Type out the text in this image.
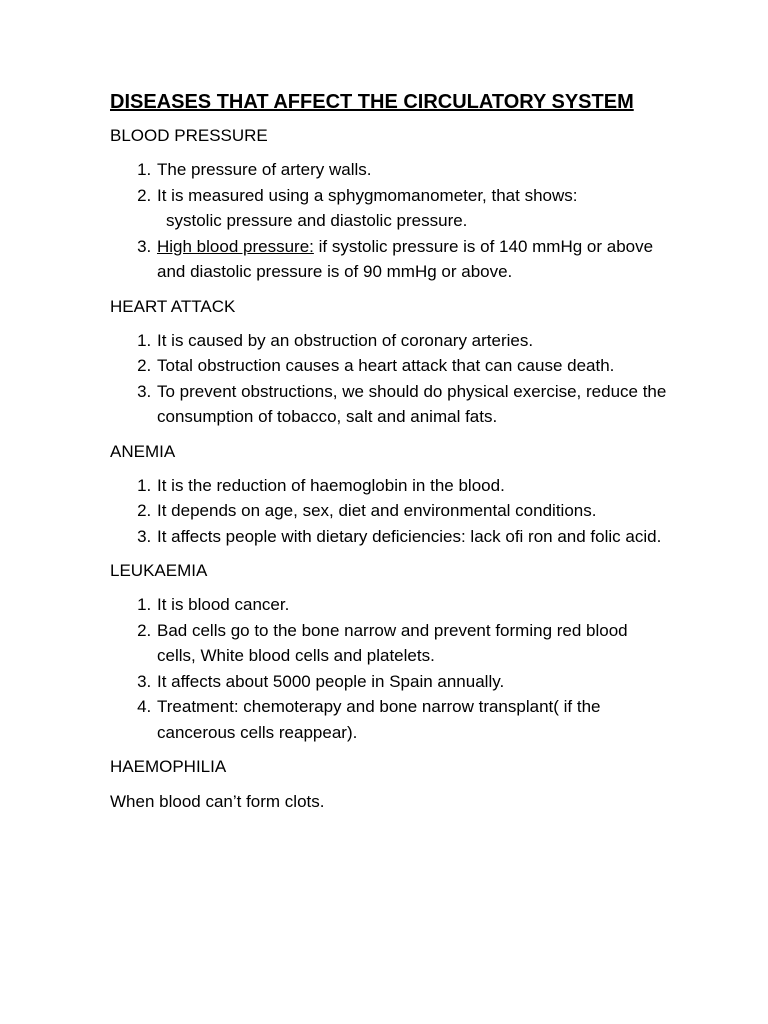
DISEASES THAT AFFECT THE CIRCULATORY SYSTEM

BLOOD PRESSURE

1. The pressure of artery walls.
2. It is measured using a sphygmomanometer, that shows:
systolic pressure and diastolic pressure.
3. High blood pressure: if systolic pressure is of 140 mmHg or above and diastolic pressure is of 90 mmHg or above.

HEART ATTACK

1. It is caused by an obstruction of coronary arteries.
2. Total obstruction causes a heart attack that can cause death.
3. To prevent obstructions, we should do physical exercise, reduce the consumption of tobacco, salt and animal fats.

ANEMIA

1. It is the reduction of haemoglobin in the blood.
2. It depends on age, sex, diet and environmental conditions.
3. It affects people with dietary deficiencies: lack ofi ron and folic acid.

LEUKAEMIA

1. It is blood cancer.
2. Bad cells go to the bone narrow and prevent forming red blood cells, White blood cells and platelets.
3. It affects about 5000 people in Spain annually.
4. Treatment: chemoterapy and bone narrow transplant( if the cancerous cells reappear).

HAEMOPHILIA

When blood can’t form clots.
